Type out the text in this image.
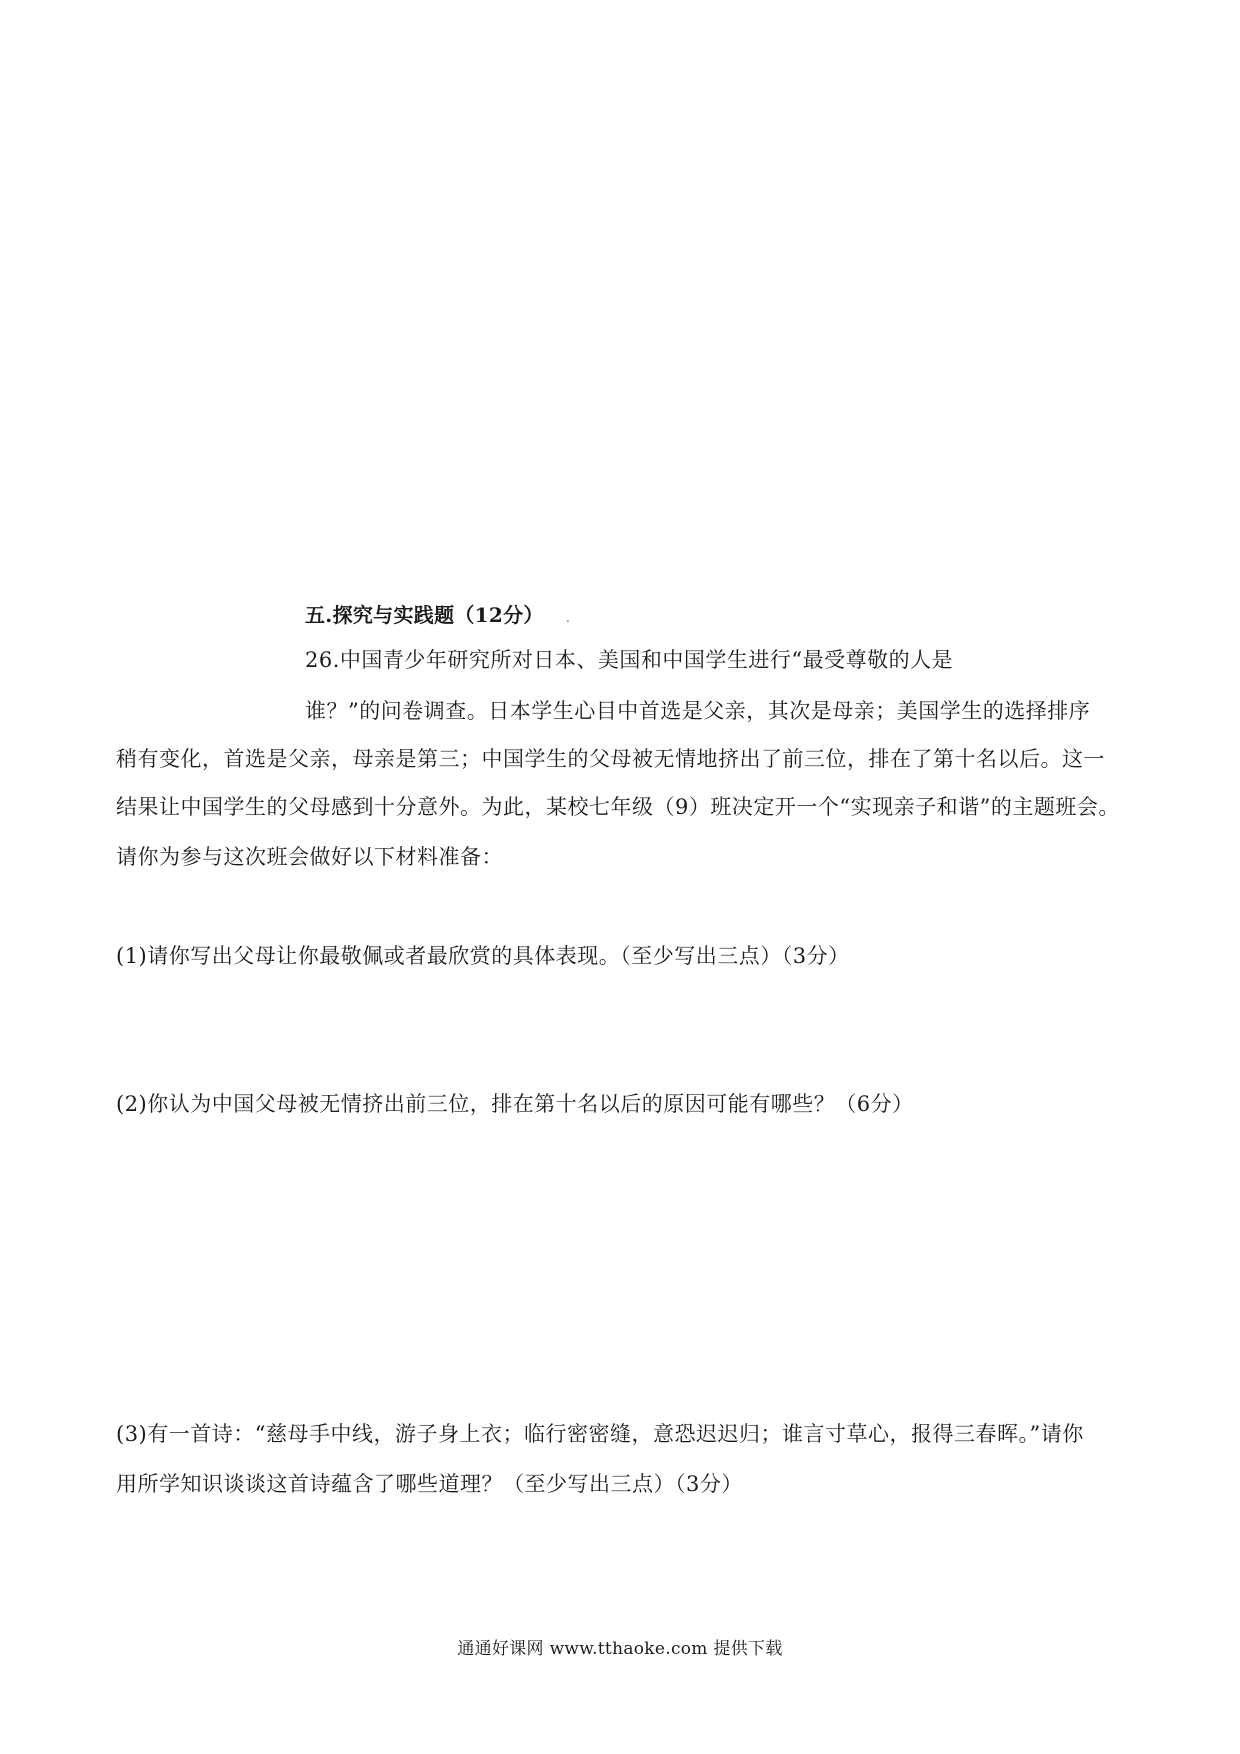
五.探究与实践题（12分） .
26.中国青少年研究所对日本、美国和中国学生进行“最受尊敬的人是
谁？”的问卷调查。日本学生心目中首选是父亲，其次是母亲；美国学生的选择排序
稍有变化，首选是父亲，母亲是第三；中国学生的父母被无情地挤出了前三位，排在了第十名以后。这一
结果让中国学生的父母感到十分意外。为此，某校七年级（9）班决定开一个“实现亲子和谐”的主题班会。
请你为参与这次班会做好以下材料准备：
(1)请你写出父母让你最敬佩或者最欣赏的具体表现。（至少写出三点）（3分）
(2)你认为中国父母被无情挤出前三位，排在第十名以后的原因可能有哪些？（6分）
(3)有一首诗：“慈母手中线，游子身上衣；临行密密缝，意恐迟迟归；谁言寸草心，报得三春晖。”请你
用所学知识谈谈这首诗蕴含了哪些道理？（至少写出三点）（3分）
通通好课网 www.tthaoke.com 提供下载
